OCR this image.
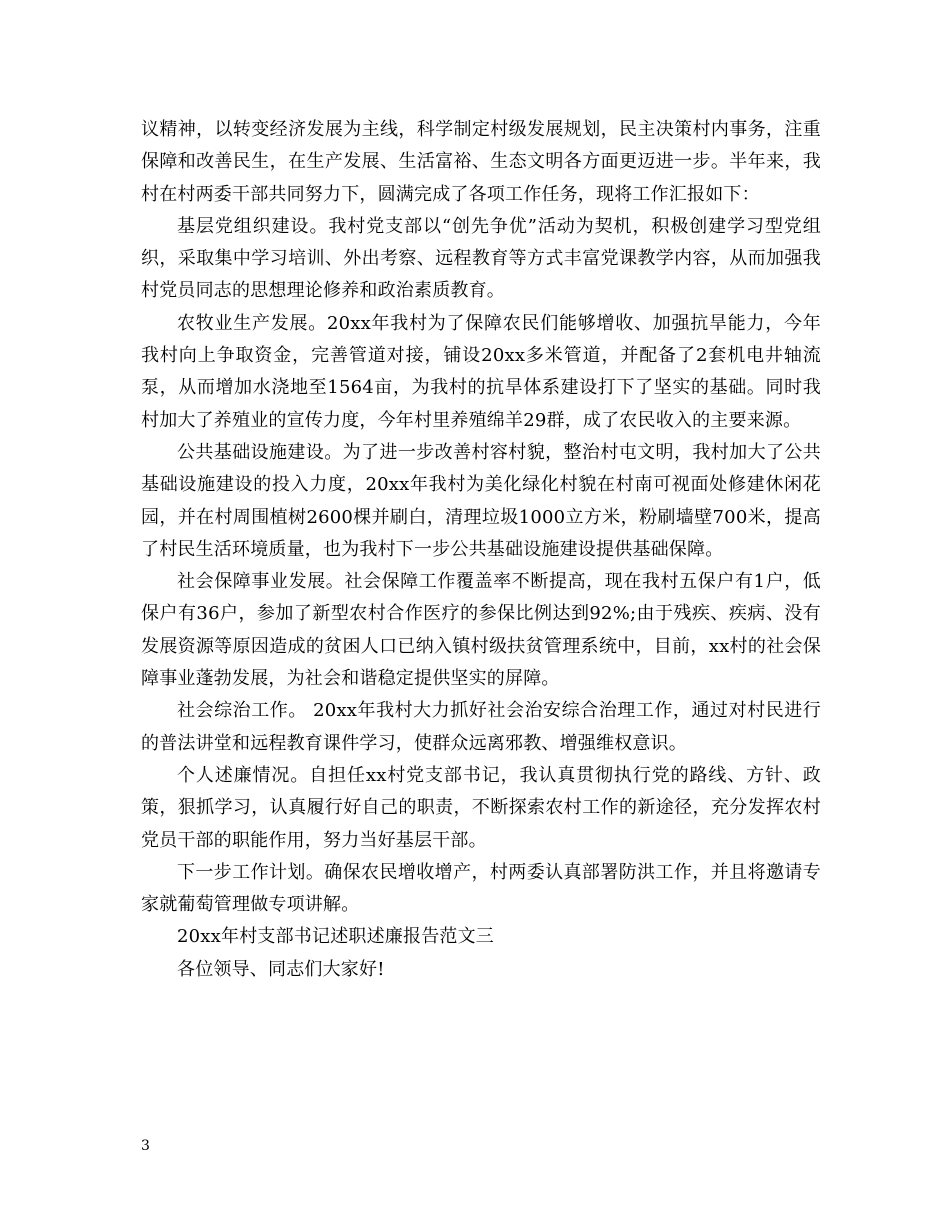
议精神，以转变经济发展为主线，科学制定村级发展规划，民主决策村内事务，注重保障和改善民生，在生产发展、生活富裕、生态文明各方面更迈进一步。半年来，我村在村两委干部共同努力下，圆满完成了各项工作任务，现将工作汇报如下：

基层党组织建设。我村党支部以“创先争优”活动为契机，积极创建学习型党组织，采取集中学习培训、外出考察、远程教育等方式丰富党课教学内容，从而加强我村党员同志的思想理论修养和政治素质教育。

农牧业生产发展。20xx年我村为了保障农民们能够增收、加强抗旱能力，今年我村向上争取资金，完善管道对接，铺设20xx多米管道，并配备了2套机电井轴流泵，从而增加水浇地至1564亩，为我村的抗旱体系建设打下了坚实的基础。同时我村加大了养殖业的宣传力度，今年村里养殖绵羊29群，成了农民收入的主要来源。

公共基础设施建设。为了进一步改善村容村貌，整治村屯文明，我村加大了公共基础设施建设的投入力度，20xx年我村为美化绿化村貌在村南可视面处修建休闲花园，并在村周围植树2600棵并刷白，清理垃圾1000立方米，粉刷墙壁700米，提高了村民生活环境质量，也为我村下一步公共基础设施建设提供基础保障。

社会保障事业发展。社会保障工作覆盖率不断提高，现在我村五保户有1户，低保户有36户，参加了新型农村合作医疗的参保比例达到92%;由于残疾、疾病、没有发展资源等原因造成的贫困人口已纳入镇村级扶贫管理系统中，目前，xx村的社会保障事业蓬勃发展，为社会和谐稳定提供坚实的屏障。

社会综治工作。 20xx年我村大力抓好社会治安综合治理工作，通过对村民进行的普法讲堂和远程教育课件学习，使群众远离邪教、增强维权意识。

个人述廉情况。自担任xx村党支部书记，我认真贯彻执行党的路线、方针、政策，狠抓学习，认真履行好自己的职责，不断探索农村工作的新途径，充分发挥农村党员干部的职能作用，努力当好基层干部。

下一步工作计划。确保农民增收增产，村两委认真部署防洪工作，并且将邀请专家就葡萄管理做专项讲解。

20xx年村支部书记述职述廉报告范文三

各位领导、同志们大家好!

3
